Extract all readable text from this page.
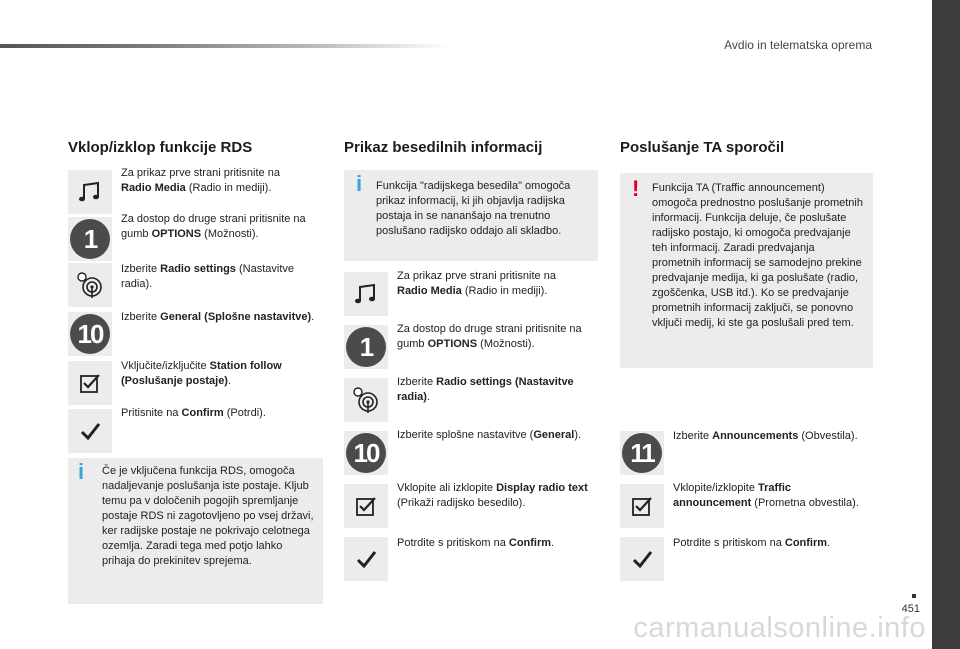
Avdio in telematska oprema
451
carmanualsonline.info
Vklop/izklop funkcije RDS
Za prikaz prve strani pritisnite na Radio Media (Radio in mediji).
1
Za dostop do druge strani pritisnite na gumb OPTIONS (Možnosti).
Izberite Radio settings (Nastavitve radia).
10
Izberite General (Splošne nastavitve).
Vključite/izključite Station follow (Poslušanje postaje).
Pritisnite na Confirm (Potrdi).
i Če je vključena funkcija RDS, omogoča nadaljevanje poslušanja iste postaje. Kljub temu pa v določenih pogojih spremljanje postaje RDS ni zagotovljeno po vsej državi, ker radijske postaje ne pokrivajo celotnega ozemlja. Zaradi tega med potjo lahko prihaja do prekinitev sprejema.
Prikaz besedilnih informacij
i Funkcija "radijskega besedila" omogoča prikaz informacij, ki jih objavlja radijska postaja in se nananšajo na trenutno poslušano radijsko oddajo ali skladbo.
Za prikaz prve strani pritisnite na Radio Media (Radio in mediji).
1
Za dostop do druge strani pritisnite na gumb OPTIONS (Možnosti).
Izberite Radio settings (Nastavitve radia).
10
Izberite splošne nastavitve (General).
Vklopite ali izklopite Display radio text (Prikaži radijsko besedilo).
Potrdite s pritiskom na Confirm.
Poslušanje TA sporočil
! Funkcija TA (Traffic announcement) omogoča prednostno poslušanje prometnih informacij. Funkcija deluje, če poslušate radijsko postajo, ki omogoča predvajanje teh informacij. Zaradi predvajanja prometnih informacij se samodejno prekine predvajanje medija, ki ga poslušate (radio, zgoščenka, USB itd.). Ko se predvajanje prometnih informacij zaključi, se ponovno vključi medij, ki ste ga poslušali pred tem.
11
Izberite Announcements (Obvestila).
Vklopite/izklopite Traffic announcement (Prometna obvestila).
Potrdite s pritiskom na Confirm.
